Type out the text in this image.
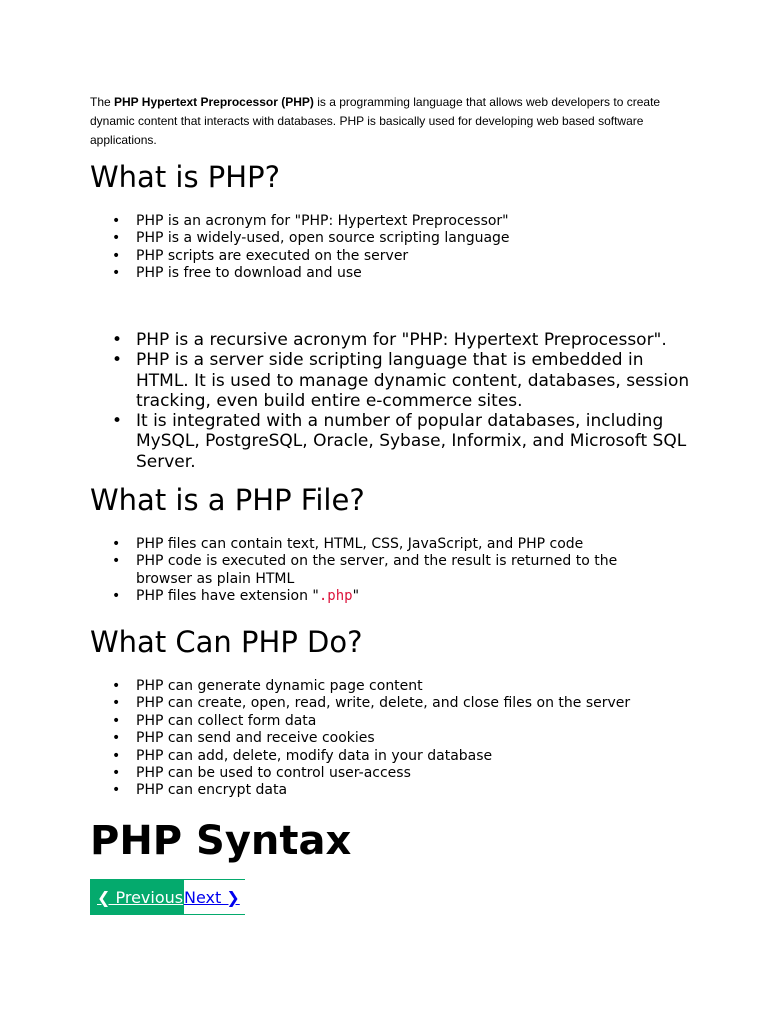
The PHP Hypertext Preprocessor (PHP) is a programming language that allows web developers to create dynamic content that interacts with databases. PHP is basically used for developing web based software applications.

What is PHP?
• PHP is an acronym for "PHP: Hypertext Preprocessor"
• PHP is a widely-used, open source scripting language
• PHP scripts are executed on the server
• PHP is free to download and use
• PHP is a recursive acronym for "PHP: Hypertext Preprocessor".
• PHP is a server side scripting language that is embedded in HTML. It is used to manage dynamic content, databases, session tracking, even build entire e-commerce sites.
• It is integrated with a number of popular databases, including MySQL, PostgreSQL, Oracle, Sybase, Informix, and Microsoft SQL Server.
What is a PHP File?
• PHP files can contain text, HTML, CSS, JavaScript, and PHP code
• PHP code is executed on the server, and the result is returned to the browser as plain HTML
• PHP files have extension ".php"
What Can PHP Do?
• PHP can generate dynamic page content
• PHP can create, open, read, write, delete, and close files on the server
• PHP can collect form data
• PHP can send and receive cookies
• PHP can add, delete, modify data in your database
• PHP can be used to control user-access
• PHP can encrypt data
PHP Syntax
❮ Previous Next ❯
